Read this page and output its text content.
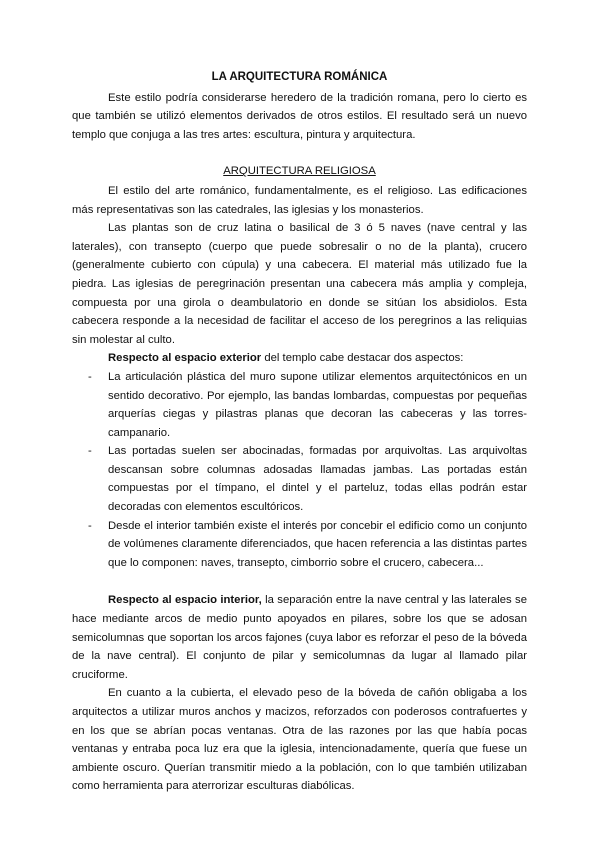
LA ARQUITECTURA ROMÁNICA

Este estilo podría considerarse heredero de la tradición romana, pero lo cierto es que también se utilizó elementos derivados de otros estilos. El resultado será un nuevo templo que conjuga a las tres artes: escultura, pintura y arquitectura.

ARQUITECTURA RELIGIOSA

El estilo del arte románico, fundamentalmente, es el religioso. Las edificaciones más representativas son las catedrales, las iglesias y los monasterios.

Las plantas son de cruz latina o basilical de 3 ó 5 naves (nave central y las laterales), con transepto (cuerpo que puede sobresalir o no de la planta), crucero (generalmente cubierto con cúpula) y una cabecera. El material más utilizado fue la piedra. Las iglesias de peregrinación presentan una cabecera más amplia y compleja, compuesta por una girola o deambulatorio en donde se sitúan los absidiolos. Esta cabecera responde a la necesidad de facilitar el acceso de los peregrinos a las reliquias sin molestar al culto.

Respecto al espacio exterior del templo cabe destacar dos aspectos:

- La articulación plástica del muro supone utilizar elementos arquitectónicos en un sentido decorativo. Por ejemplo, las bandas lombardas, compuestas por pequeñas arquerías ciegas y pilastras planas que decoran las cabeceras y las torres-campanario.
- Las portadas suelen ser abocinadas, formadas por arquivoltas. Las arquivoltas descansan sobre columnas adosadas llamadas jambas. Las portadas están compuestas por el tímpano, el dintel y el parteluz, todas ellas podrán estar decoradas con elementos escultóricos.
- Desde el interior también existe el interés por concebir el edificio como un conjunto de volúmenes claramente diferenciados, que hacen referencia a las distintas partes que lo componen: naves, transepto, cimborrio sobre el crucero, cabecera...

Respecto al espacio interior, la separación entre la nave central y las laterales se hace mediante arcos de medio punto apoyados en pilares, sobre los que se adosan semicolumnas que soportan los arcos fajones (cuya labor es reforzar el peso de la bóveda de la nave central). El conjunto de pilar y semicolumnas da lugar al llamado pilar cruciforme.

En cuanto a la cubierta, el elevado peso de la bóveda de cañón obligaba a los arquitectos a utilizar muros anchos y macizos, reforzados con poderosos contrafuertes y en los que se abrían pocas ventanas. Otra de las razones por las que había pocas ventanas y entraba poca luz era que la iglesia, intencionadamente, quería que fuese un ambiente oscuro. Querían transmitir miedo a la población, con lo que también utilizaban como herramienta para aterrorizar esculturas diabólicas.
